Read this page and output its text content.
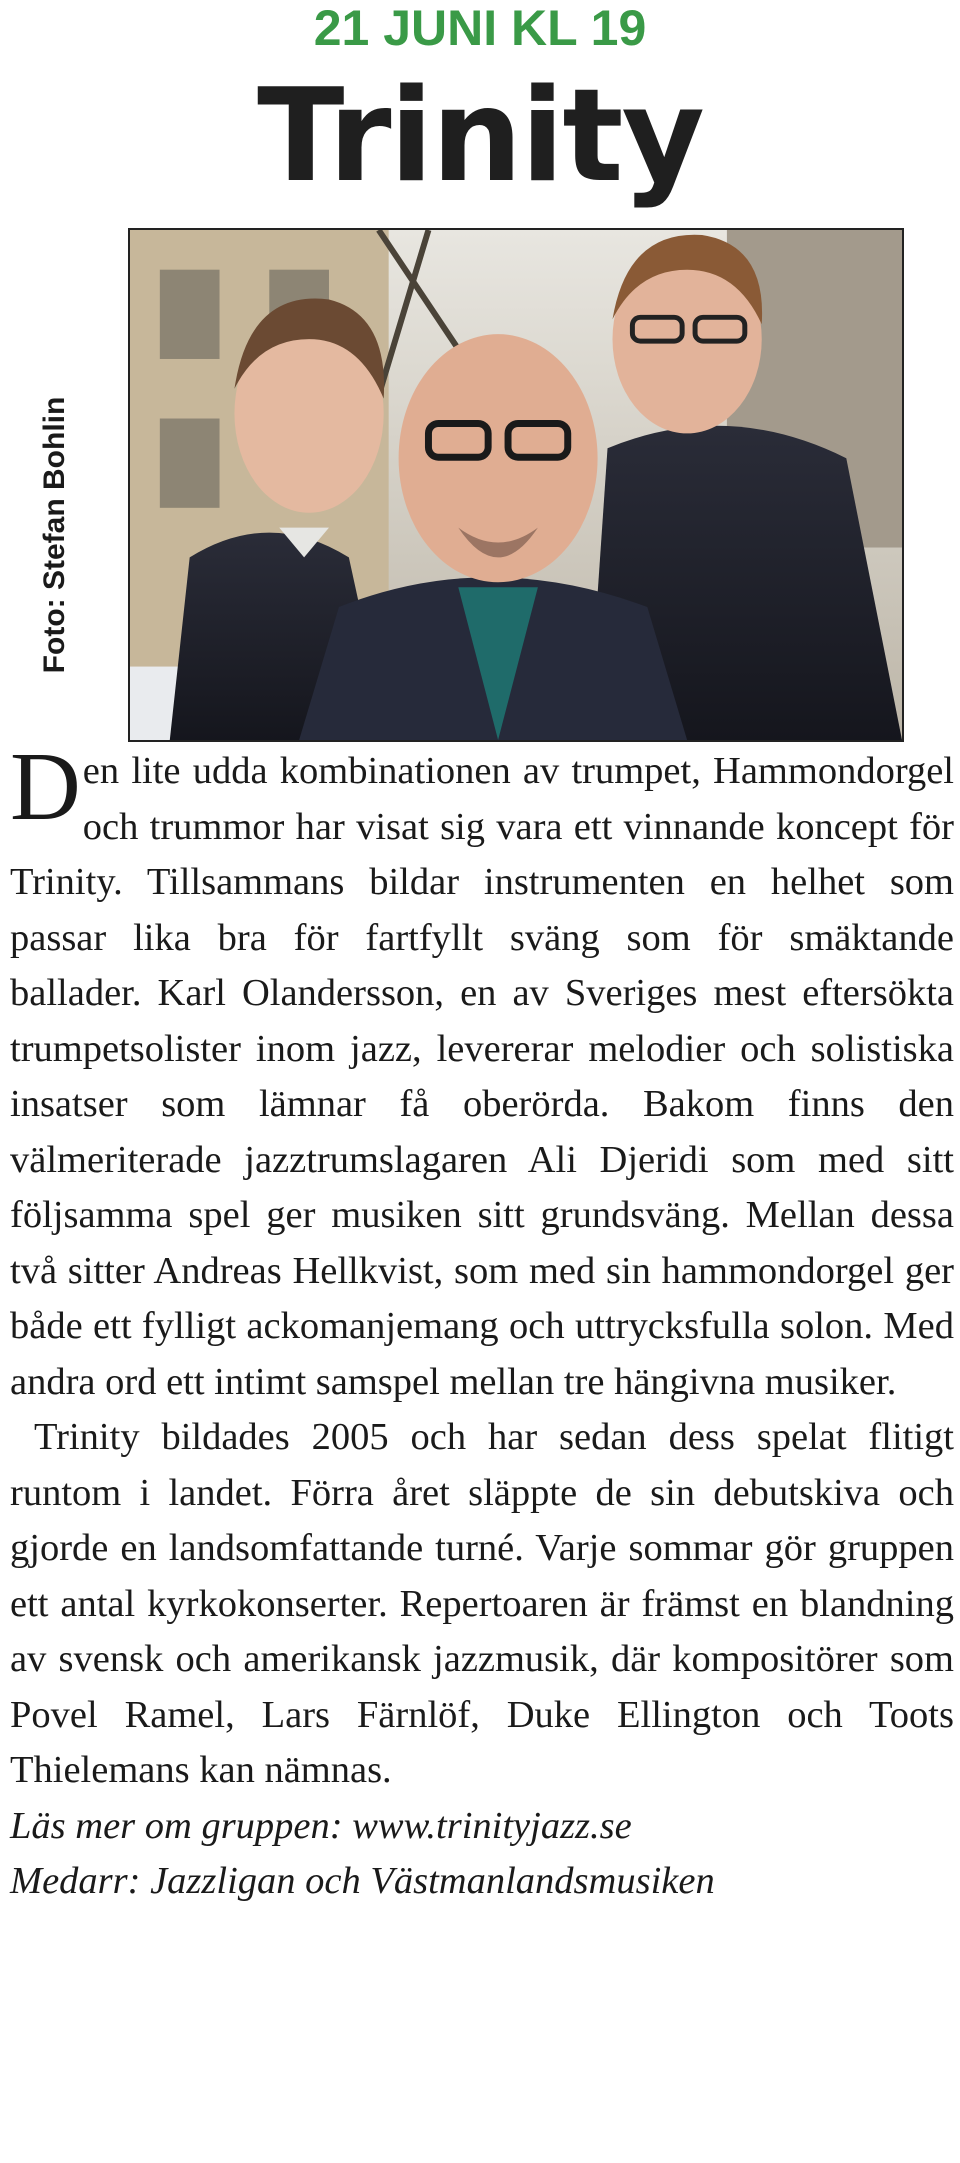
21 JUNI KL 19
Trinity
Foto: Stefan Bohlin

Den lite udda kombinationen av trumpet, Hammondorgel och trummor har visat sig vara ett vinnande koncept för Trinity. Tillsammans bildar instrumenten en helhet som passar lika bra för fartfyllt sväng som för smäktande ballader. Karl Olandersson, en av Sveriges mest eftersökta trumpetsolister inom jazz, levererar melodier och solistiska insatser som lämnar få oberörda. Bakom finns den välmeriterade jazztrumslagaren Ali Djeridi som med sitt följsamma spel ger musiken sitt grundsväng. Mellan dessa två sitter Andreas Hellkvist, som med sin hammondorgel ger både ett fylligt ackomanjemang och uttrycksfulla solon. Med andra ord ett intimt samspel mellan tre hängivna musiker.

Trinity bildades 2005 och har sedan dess spelat flitigt runtom i landet. Förra året släppte de sin debutskiva och gjorde en landsomfattande turné. Varje sommar gör gruppen ett antal kyrkokonserter. Repertoaren är främst en blandning av svensk och amerikansk jazzmusik, där kompositörer som Povel Ramel, Lars Färnlöf, Duke Ellington och Toots Thielemans kan nämnas.

Läs mer om gruppen: www.trinityjazz.se

Medarr: Jazzligan och Västmanlandsmusiken
